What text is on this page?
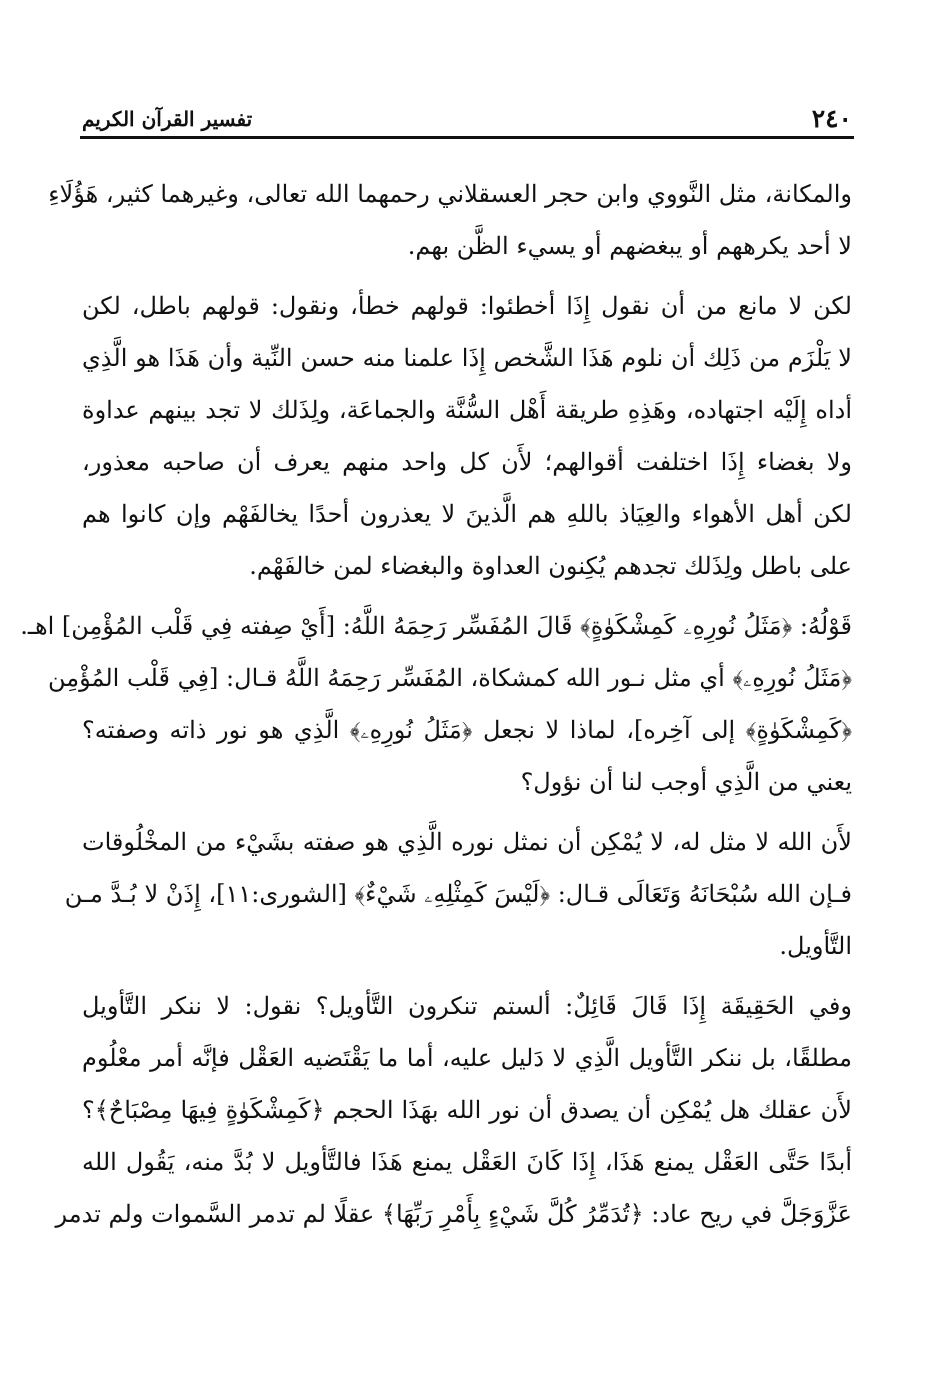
٢٤٠
تفسير القرآن الكريم
والمكانة، مثل النَّووي وابن حجر العسقلاني رحمهما الله تعالى، وغيرهما كثير، هَؤُلَاءِ
لا أحد يكرههم أو يبغضهم أو يسيء الظَّن بهم.
لكن لا مانع من أن نقول إِذَا أخطئوا: قولهم خطأ، ونقول: قولهم باطل، لكن
لا يَلْزَم من ذَلِك أن نلوم هَذَا الشَّخص إِذَا علمنا منه حسن النِّية وأن هَذَا هو الَّذِي
أداه إِلَيْه اجتهاده، وهَذِهِ طريقة أَهْل السُّنَّة والجماعَة، ولِذَلك لا تجد بينهم عداوة
ولا بغضاء إِذَا اختلفت أقوالهم؛ لأَن كل واحد منهم يعرف أن صاحبه معذور،
لكن أهل الأهواء والعِيَاذ باللهِ هم الَّذينَ لا يعذرون أحدًا يخالفَهْم وإن كانوا هم
على باطل ولِذَلك تجدهم يُكِنون العداوة والبغضاء لمن خالفَهْم.
قَوْلُهُ: ﴿مَثَلُ نُورِهِۦ كَمِشْكَوٰةٍ﴾ قَالَ المُفَسِّر رَحِمَهُ اللَّهُ: [أَيْ صِفته فِي قَلْب المُؤْمِن] اهـ.
﴿مَثَلُ نُورِهِۦ﴾ أي مثل نـور الله كمشكاة، المُفَسِّر رَحِمَهُ اللَّهُ قـال: [فِي قَلْب المُؤْمِن
﴿كَمِشْكَوٰةٍ﴾ إلى آخِره]، لماذا لا نجعل ﴿مَثَلُ نُورِهِۦ﴾ الَّذِي هو نور ذاته وصفته؟
يعني من الَّذِي أوجب لنا أن نؤول؟
لأَن الله لا مثل له، لا يُمْكِن أن نمثل نوره الَّذِي هو صفته بشَيْء من المخْلُوقات
فـإن الله سُبْحَانَهُ وَتَعَالَى قـال: ﴿لَيْسَ كَمِثْلِهِۦ شَيْءٌ﴾ [الشورى:١١]، إِذَنْ لا بُـدَّ مـن
التَّأويل.
وفي الحَقِيقَة إِذَا قَالَ قَائِلٌ: ألستم تنكرون التَّأويل؟ نقول: لا ننكر التَّأويل
مطلقًا، بل ننكر التَّأويل الَّذِي لا دَليل عليه، أما ما يَقْتَضيه العَقْل فإنَّه أمر معْلُوم
لأَن عقلك هل يُمْكِن أن يصدق أن نور الله بهَذَا الحجم ﴿كَمِشْكَوٰةٍ فِيهَا مِصْبَاحٌ﴾؟
أبدًا حَتَّى العَقْل يمنع هَذَا، إِذَا كَانَ العَقْل يمنع هَذَا فالتَّأويل لا بُدَّ منه، يَقُول الله
عَزَّوَجَلَّ في ريح عاد: ﴿تُدَمِّرُ كُلَّ شَيْءٍ بِأَمْرِ رَبِّهَا﴾ عقلًا لم تدمر السَّموات ولم تدمر
